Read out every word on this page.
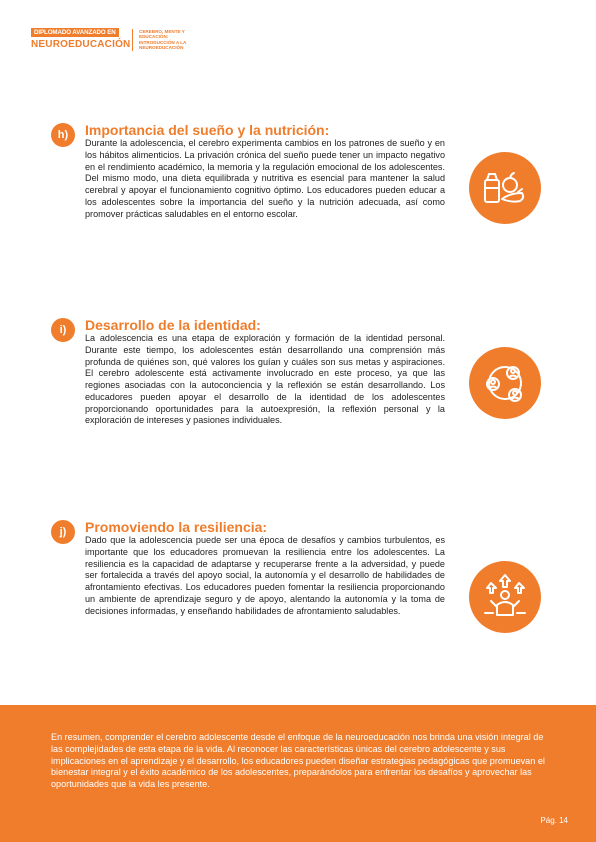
DIPLOMADO AVANZADO EN
NEUROEDUCACIÓN
CEREBRO, MENTE Y EDUCACIÓN: INTRODUCCIÓN A LA NEUROEDUCACIÓN
h)	Importancia del sueño y la nutrición:
Durante la adolescencia, el cerebro experimenta cambios en los patrones de sueño y en los hábitos alimenticios. La privación crónica del sueño puede tener un impacto negativo en el rendimiento académico, la memoria y la regulación emocional de los adolescentes. Del mismo modo, una dieta equilibrada y nutritiva es esencial para mantener la salud cerebral y apoyar el funcionamiento cognitivo óptimo. Los educadores pueden educar a los adolescentes sobre la importancia del sueño y la nutrición adecuada, así como promover prácticas saludables en el entorno escolar.
i)	Desarrollo de la identidad:
La adolescencia es una etapa de exploración y formación de la identidad personal. Durante este tiempo, los adolescentes están desarrollando una comprensión más profunda de quiénes son, qué valores los guían y cuáles son sus metas y aspiraciones. El cerebro adolescente está activamente involucrado en este proceso, ya que las regiones asociadas con la autoconciencia y la reflexión se están desarrollando. Los educadores pueden apoyar el desarrollo de la identidad de los adolescentes proporcionando oportunidades para la autoexpresión, la reflexión personal y la exploración de intereses y pasiones individuales.
j)	Promoviendo la resiliencia:
Dado que la adolescencia puede ser una época de desafíos y cambios turbulentos, es importante que los educadores promuevan la resiliencia entre los adolescentes. La resiliencia es la capacidad de adaptarse y recuperarse frente a la adversidad, y puede ser fortalecida a través del apoyo social, la autonomía y el desarrollo de habilidades de afrontamiento efectivas. Los educadores pueden fomentar la resiliencia proporcionando un ambiente de aprendizaje seguro y de apoyo, alentando la autonomía y la toma de decisiones informadas, y enseñando habilidades de afrontamiento saludables.
En resumen, comprender el cerebro adolescente desde el enfoque de la neuroeducación nos brinda una visión integral de las complejidades de esta etapa de la vida. Al reconocer las características únicas del cerebro adolescente y sus implicaciones en el aprendizaje y el desarrollo, los educadores pueden diseñar estrategias pedagógicas que promuevan el bienestar integral y el éxito académico de los adolescentes, preparándolos para enfrentar los desafíos y aprovechar las oportunidades que la vida les presente.
Pág. 14
